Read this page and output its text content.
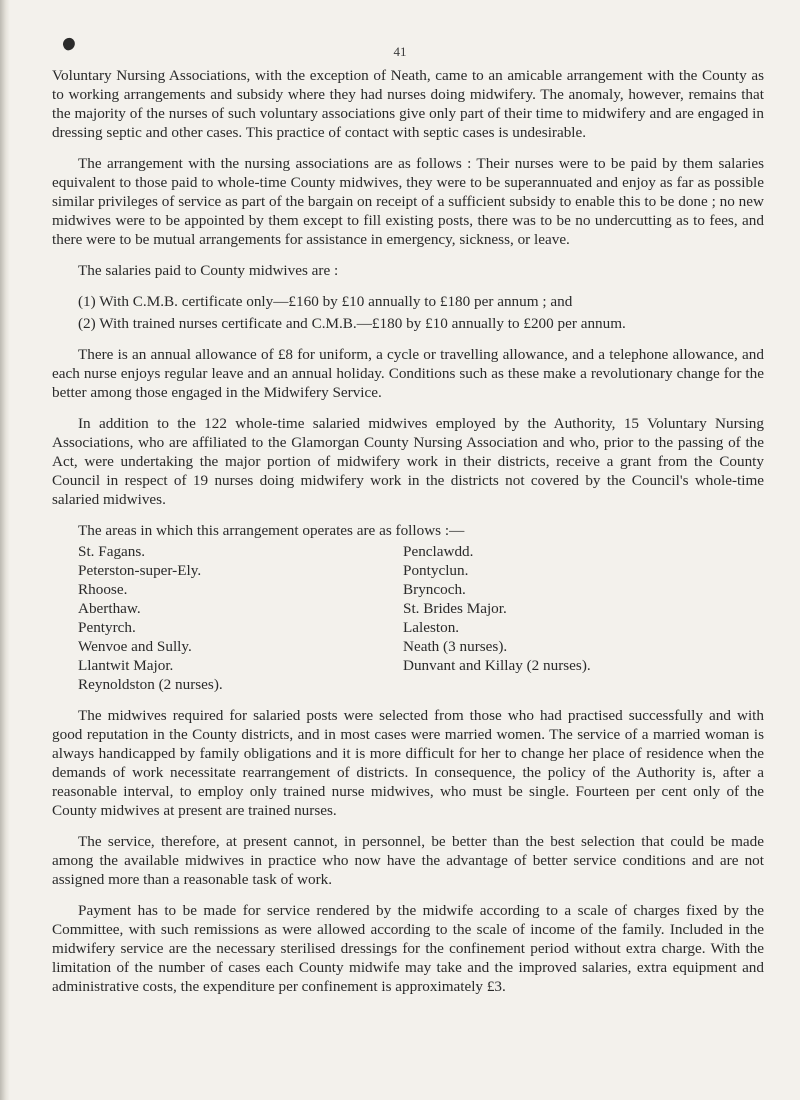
41

Voluntary Nursing Associations, with the exception of Neath, came to an amicable arrangement with the County as to working arrangements and subsidy where they had nurses doing midwifery. The anomaly, however, remains that the majority of the nurses of such voluntary associations give only part of their time to midwifery and are engaged in dressing septic and other cases. This practice of contact with septic cases is undesirable.

The arrangement with the nursing associations are as follows : Their nurses were to be paid by them salaries equivalent to those paid to whole-time County midwives, they were to be superannuated and enjoy as far as possible similar privileges of service as part of the bargain on receipt of a sufficient subsidy to enable this to be done ; no new midwives were to be appointed by them except to fill existing posts, there was to be no undercutting as to fees, and there were to be mutual arrangements for assistance in emergency, sickness, or leave.

The salaries paid to County midwives are :

(1) With C.M.B. certificate only—£160 by £10 annually to £180 per annum ; and
(2) With trained nurses certificate and C.M.B.—£180 by £10 annually to £200 per annum.

There is an annual allowance of £8 for uniform, a cycle or travelling allowance, and a telephone allowance, and each nurse enjoys regular leave and an annual holiday. Conditions such as these make a revolutionary change for the better among those engaged in the Midwifery Service.

In addition to the 122 whole-time salaried midwives employed by the Authority, 15 Voluntary Nursing Associations, who are affiliated to the Glamorgan County Nursing Association and who, prior to the passing of the Act, were undertaking the major portion of midwifery work in their districts, receive a grant from the County Council in respect of 19 nurses doing midwifery work in the districts not covered by the Council's whole-time salaried midwives.

The areas in which this arrangement operates are as follows :—

St. Fagans.
Peterston-super-Ely.
Rhoose.
Aberthaw.
Pentyrch.
Wenvoe and Sully.
Llantwit Major.
Reynoldston (2 nurses).
Penclawdd.
Pontyclun.
Bryncoch.
St. Brides Major.
Laleston.
Neath (3 nurses).
Dunvant and Killay (2 nurses).

The midwives required for salaried posts were selected from those who had practised successfully and with good reputation in the County districts, and in most cases were married women. The service of a married woman is always handicapped by family obligations and it is more difficult for her to change her place of residence when the demands of work necessitate rearrangement of districts. In consequence, the policy of the Authority is, after a reasonable interval, to employ only trained nurse midwives, who must be single. Fourteen per cent only of the County midwives at present are trained nurses.

The service, therefore, at present cannot, in personnel, be better than the best selection that could be made among the available midwives in practice who now have the advantage of better service conditions and are not assigned more than a reasonable task of work.

Payment has to be made for service rendered by the midwife according to a scale of charges fixed by the Committee, with such remissions as were allowed according to the scale of income of the family. Included in the midwifery service are the necessary sterilised dressings for the confinement period without extra charge. With the limitation of the number of cases each County midwife may take and the improved salaries, extra equipment and administrative costs, the expenditure per confinement is approximately £3.
